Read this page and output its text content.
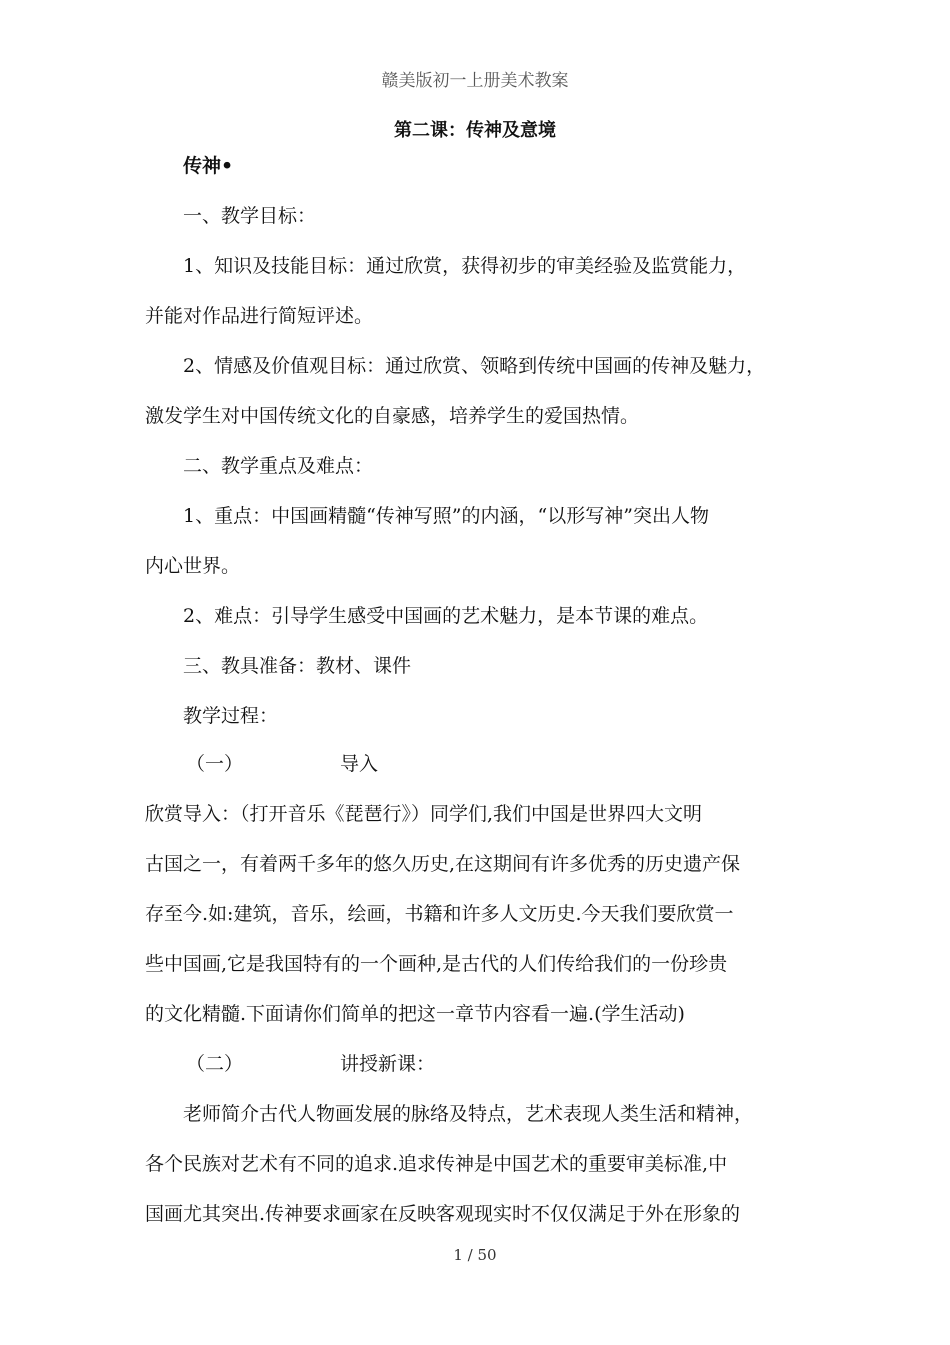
赣美版初一上册美术教案
第二课：传神及意境
传神•
一、教学目标：
1、知识及技能目标：通过欣赏，获得初步的审美经验及监赏能力，
并能对作品进行简短评述。
2、情感及价值观目标：通过欣赏、领略到传统中国画的传神及魅力，
激发学生对中国传统文化的自豪感，培养学生的爱国热情。
二、教学重点及难点：
1、重点：中国画精髓“传神写照”的内涵，“以形写神”突出人物
内心世界。
2、难点：引导学生感受中国画的艺术魅力，是本节课的难点。
三、教具准备：教材、课件
教学过程：
（一）	导入
欣赏导入：（打开音乐《琵琶行》）同学们,我们中国是世界四大文明
古国之一，有着两千多年的悠久历史,在这期间有许多优秀的历史遗产保
存至今.如:建筑，音乐，绘画，书籍和许多人文历史.今天我们要欣赏一
些中国画,它是我国特有的一个画种,是古代的人们传给我们的一份珍贵
的文化精髓.下面请你们简单的把这一章节内容看一遍.(学生活动)
（二）	讲授新课：
老师简介古代人物画发展的脉络及特点，艺术表现人类生活和精神，
各个民族对艺术有不同的追求.追求传神是中国艺术的重要审美标准,中
国画尤其突出.传神要求画家在反映客观现实时不仅仅满足于外在形象的
1 / 50
